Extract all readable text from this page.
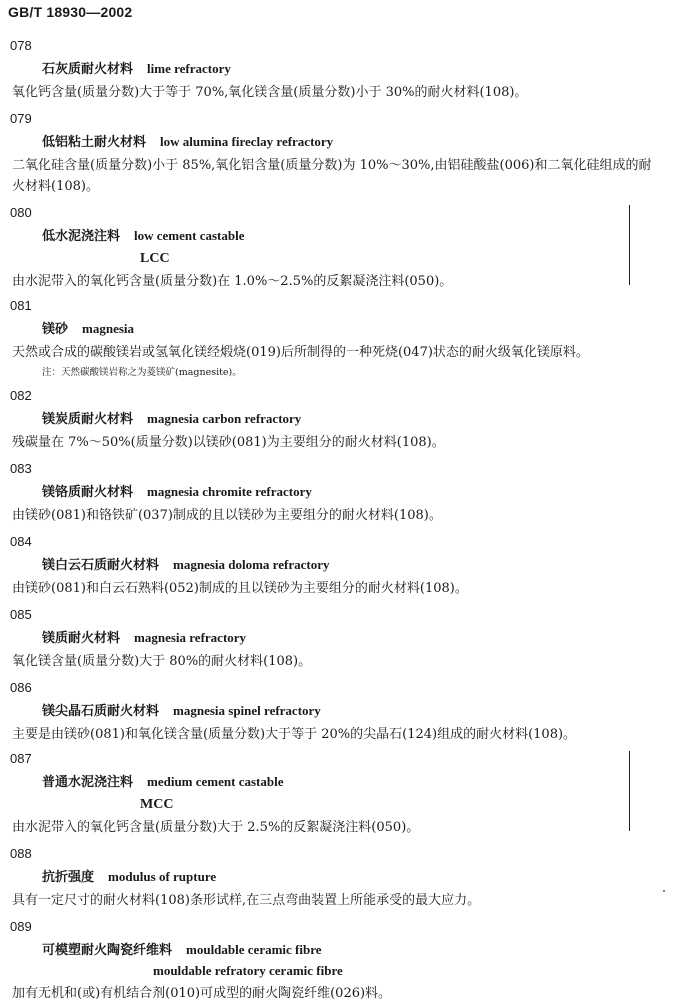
GB/T 18930—2002
078
石灰质耐火材料 lime refractory
氧化钙含量(质量分数)大于等于 70%,氧化镁含量(质量分数)小于 30%的耐火材料(108)。
079
低铝粘土耐火材料 low alumina fireclay refractory
二氧化硅含量(质量分数)小于 85%,氧化铝含量(质量分数)为 10%～30%,由铝硅酸盐(006)和二氧化硅组成的耐火材料(108)。
080
低水泥浇注料 low cement castable
LCC
由水泥带入的氧化钙含量(质量分数)在 1.0%～2.5%的反絮凝浇注料(050)。
081
镁砂 magnesia
天然或合成的碳酸镁岩或氢氧化镁经煅烧(019)后所制得的一种死烧(047)状态的耐火级氧化镁原料。
注：天然碳酸镁岩称之为菱镁矿(magnesite)。
082
镁炭质耐火材料 magnesia carbon refractory
残碳量在 7%～50%(质量分数)以镁砂(081)为主要组分的耐火材料(108)。
083
镁铬质耐火材料 magnesia chromite refractory
由镁砂(081)和铬铁矿(037)制成的且以镁砂为主要组分的耐火材料(108)。
084
镁白云石质耐火材料 magnesia doloma refractory
由镁砂(081)和白云石熟料(052)制成的且以镁砂为主要组分的耐火材料(108)。
085
镁质耐火材料 magnesia refractory
氧化镁含量(质量分数)大于 80%的耐火材料(108)。
086
镁尖晶石质耐火材料 magnesia spinel refractory
主要是由镁砂(081)和氧化镁含量(质量分数)大于等于 20%的尖晶石(124)组成的耐火材料(108)。
087
普通水泥浇注料 medium cement castable
MCC
由水泥带入的氧化钙含量(质量分数)大于 2.5%的反絮凝浇注料(050)。
088
抗折强度 modulus of rupture
具有一定尺寸的耐火材料(108)条形试样,在三点弯曲装置上所能承受的最大应力。
089
可模塑耐火陶瓷纤维料 mouldable ceramic fibre
mouldable refratory ceramic fibre
加有无机和(或)有机结合剂(010)可成型的耐火陶瓷纤维(026)料。
